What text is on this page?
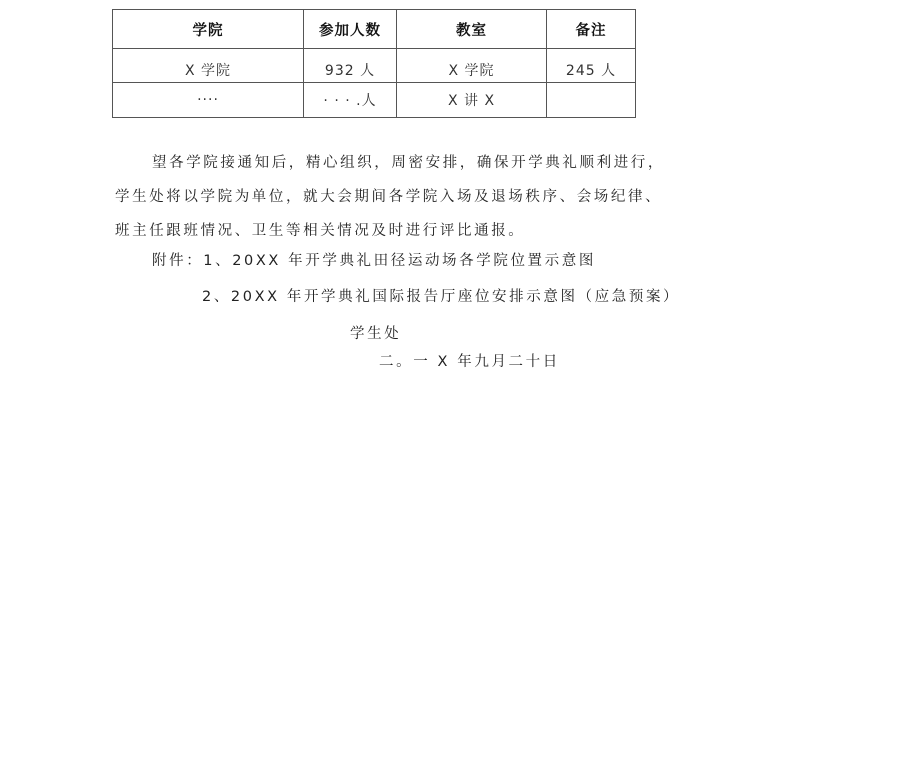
学院	参加人数	教室	备注
X 学院	932 人	X 学院	245 人
····	· · · .人	X 讲 X	

望各学院接通知后，精心组织，周密安排，确保开学典礼顺利进行，学生处将以学院为单位，就大会期间各学院入场及退场秩序、会场纪律、班主任跟班情况、卫生等相关情况及时进行评比通报。

附件：1、20XX 年开学典礼田径运动场各学院位置示意图
2、20XX 年开学典礼国际报告厅座位安排示意图（应急预案）
学生处
二。一 X 年九月二十日
